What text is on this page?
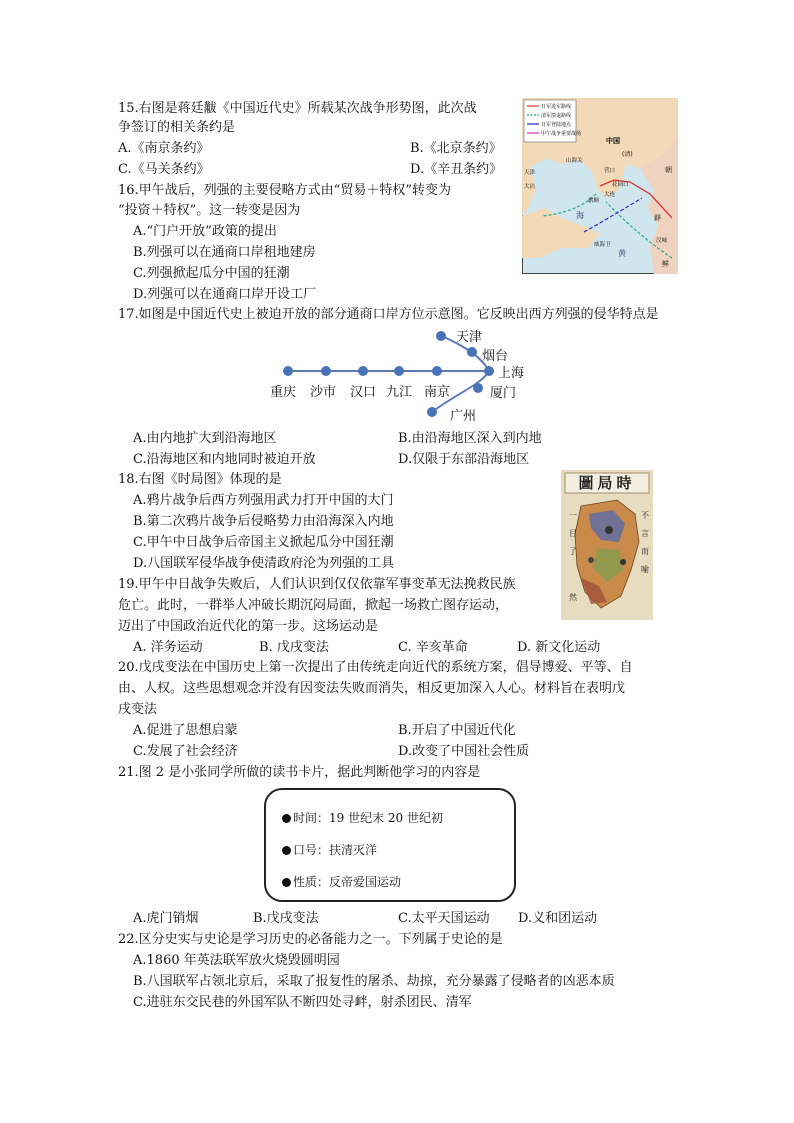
15.右图是蒋廷黻《中国近代史》所载某次战争形势图，此次战
争签订的相关条约是
A.《南京条约》	B.《北京条约》
C.《马关条约》	D.《辛丑条约》
日军进军路线
清军溃退路线
日军登陆地点
甲午战争重要战场
中国
(清)
朝
山海关
天津
大沽
营口
花园口
大连
旅顺
威海卫
辟
汉城
鲜
海
黄
16.甲午战后，列强的主要侵略方式由“贸易＋特权”转变为
“投资＋特权”。这一转变是因为
A.“门户开放”政策的提出
B.列强可以在通商口岸租地建房
C.列强掀起瓜分中国的狂潮
D.列强可以在通商口岸开设工厂
17.如图是中国近代史上被迫开放的部分通商口岸方位示意图。它反映出西方列强的侵华特点是
天津
烟台
上海
厦门
广州
重庆 沙市 汉口 九江 南京
A.由内地扩大到沿海地区	B.由沿海地区深入到内地
C.沿海地区和内地同时被迫开放	D.仅限于东部沿海地区
18.右图《时局图》体现的是
A.鸦片战争后西方列强用武力打开中国的大门
B.第二次鸦片战争后侵略势力由沿海深入内地
C.甲午中日战争后帝国主义掀起瓜分中国狂潮
D.八国联军侵华战争使清政府沦为列强的工具
圖局時
一
目
了
然
不
言
而
喻
19.甲午中日战争失败后，人们认识到仅仅依靠军事变革无法挽救民族
危亡。此时，一群举人冲破长期沉闷局面，掀起一场救亡图存运动，
迈出了中国政治近代化的第一步。这场运动是
A. 洋务运动	B. 戊戌变法	C. 辛亥革命	D. 新文化运动
20.戊戌变法在中国历史上第一次提出了由传统走向近代的系统方案，倡导博爱、平等、自
由、人权。这些思想观念并没有因变法失败而消失，相反更加深入人心。材料旨在表明戊
戌变法
A.促进了思想启蒙	B.开启了中国近代化
C.发展了社会经济	D.改变了中国社会性质
21.图 2 是小张同学所做的读书卡片，据此判断他学习的内容是
时间：19 世纪末 20 世纪初
口号：扶清灭洋
性质：反帝爱国运动
A.虎门销烟	B.戊戌变法	C.太平天国运动 D.义和团运动
22.区分史实与史论是学习历史的必备能力之一。下列属于史论的是
A.1860 年英法联军放火烧毁圆明园
B.八国联军占领北京后，采取了报复性的屠杀、劫掠，充分暴露了侵略者的凶恶本质
C.进驻东交民巷的外国军队不断四处寻衅，射杀团民、清军
